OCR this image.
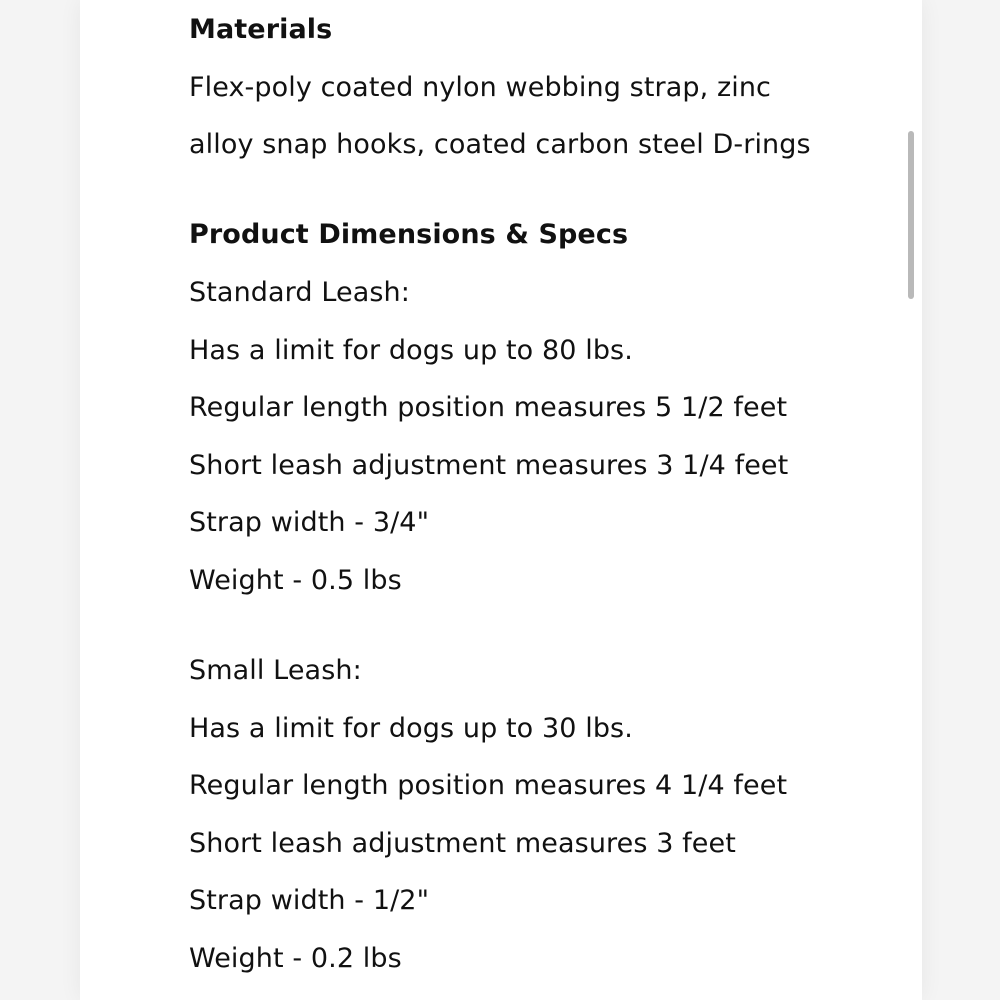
Materials
Flex-poly coated nylon webbing strap, zinc
alloy snap hooks, coated carbon steel D-rings
Product Dimensions & Specs
Standard Leash:
Has a limit for dogs up to 80 lbs.
Regular length position measures 5 1/2 feet
Short leash adjustment measures 3 1/4 feet
Strap width - 3/4"
Weight - 0.5 lbs
Small Leash:
Has a limit for dogs up to 30 lbs.
Regular length position measures 4 1/4 feet
Short leash adjustment measures 3 feet
Strap width - 1/2"
Weight - 0.2 lbs
